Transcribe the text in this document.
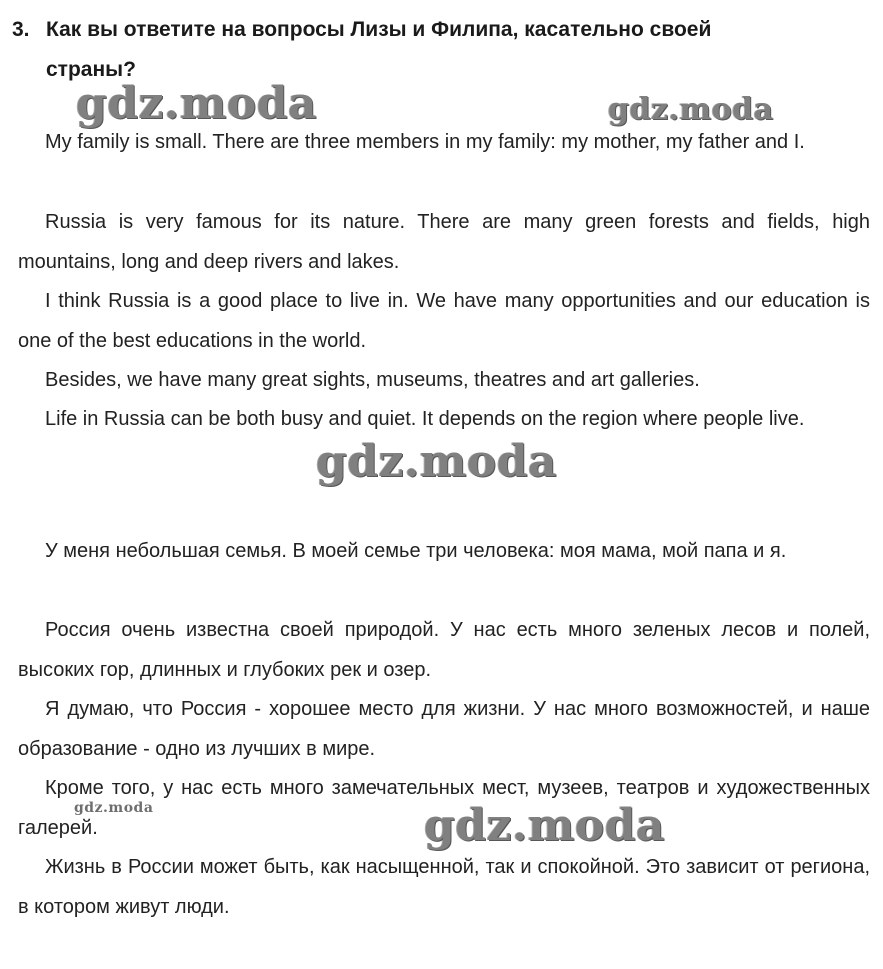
3. Как вы ответите на вопросы Лизы и Филипа, касательно своей
страны?
gdz.moda	gdz.moda

My family is small. There are three members in my family: my mother, my father and I.

Russia is very famous for its nature. There are many green forests and fields, high mountains, long and deep rivers and lakes.

I think Russia is a good place to live in. We have many opportunities and our education is one of the best educations in the world.

Besides, we have many great sights, museums, theatres and art galleries.

Life in Russia can be both busy and quiet. It depends on the region where people live.

gdz.moda

У меня небольшая семья. В моей семье три человека: моя мама, мой папа и я.

Россия очень известна своей природой. У нас есть много зеленых лесов и полей, высоких гор, длинных и глубоких рек и озер.

Я думаю, что Россия - хорошее место для жизни. У нас много возможностей, и наше образование - одно из лучших в мире.

Кроме того, у нас есть много замечательных мест, музеев, театров и художественных галерей.

Жизнь в России может быть, как насыщенной, так и спокойной. Это зависит от региона, в котором живут люди.

gdz.moda	gdz.moda
